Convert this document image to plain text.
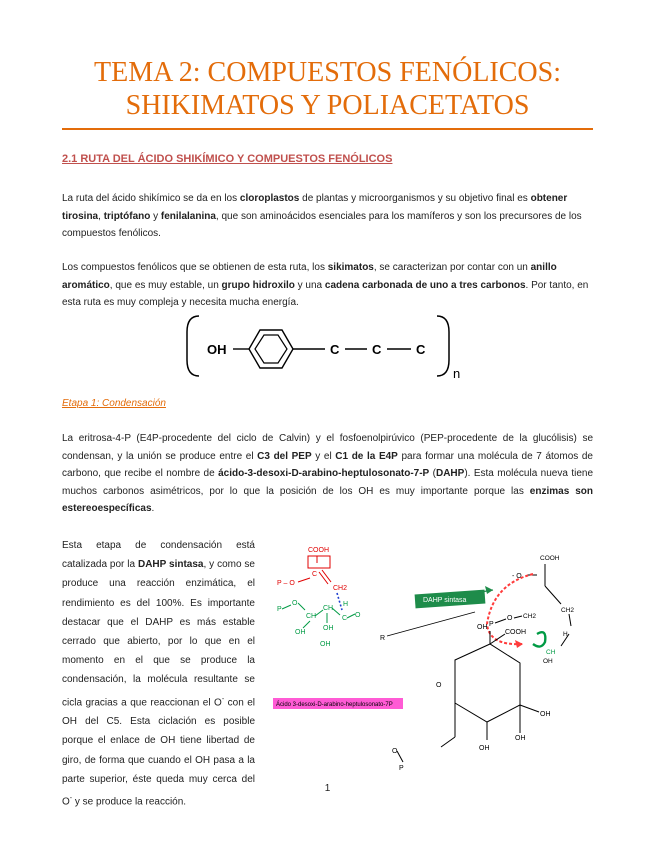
TEMA 2: COMPUESTOS FENÓLICOS:
SHIKIMATOS Y POLIACETATOS
2.1 RUTA DEL ÁCIDO SHIKÍMICO Y COMPUESTOS FENÓLICOS

La ruta del ácido shikímico se da en los cloroplastos de plantas y microorganismos y su objetivo final es obtener tirosina, triptófano y fenilalanina, que son aminoácidos esenciales para los mamíferos y son los precursores de los compuestos fenólicos.

Los compuestos fenólicos que se obtienen de esta ruta, los sikimatos, se caracterizan por contar con un anillo aromático, que es muy estable, un grupo hidroxilo y una cadena carbonada de uno a tres carbonos. Por tanto, en esta ruta es muy compleja y necesita mucha energía.

OH	C	C	C
n
Etapa 1: Condensación

La eritrosa-4-P (E4P-procedente del ciclo de Calvin) y el fosfoenolpirúvico (PEP-procedente de la glucólisis) se condensan, y la unión se produce entre el C3 del PEP y el C1 de la E4P para formar una molécula de 7 átomos de carbono, que recibe el nombre de ácido-3-desoxi-D-arabino-heptulosonato-7-P (DAHP). Esta molécula nueva tiene muchos carbonos asimétricos, por lo que la posición de los OH es muy importante porque las enzimas son estereoespecíficas.

Esta etapa de condensación está catalizada por la DAHP sintasa, y como se produce una reacción enzimática, el rendimiento es del 100%. Es importante destacar que el DAHP es más estable cerrado que abierto, por lo que en el momento en el que se produce la condensación, la molécula resultante se cicla gracias a que reaccionan el O- con el OH del C5. Esta ciclación es posible porque el enlace de OH tiene libertad de giro, de forma que cuando el OH pasa a la parte superior, éste queda muy cerca del O- y se produce la reacción.

COOH
P – O
C
CH2
P
O
CH
CH
C O
H
OH
OH
OH
R
DAHP sintasa
COOH
- O
CH2
H
CH
OH
P
O CH2
O
OH
COOH
OH
OH
OH
O
P
Ácido 3-desoxi-D-arabino-heptulosonato-7P
1
